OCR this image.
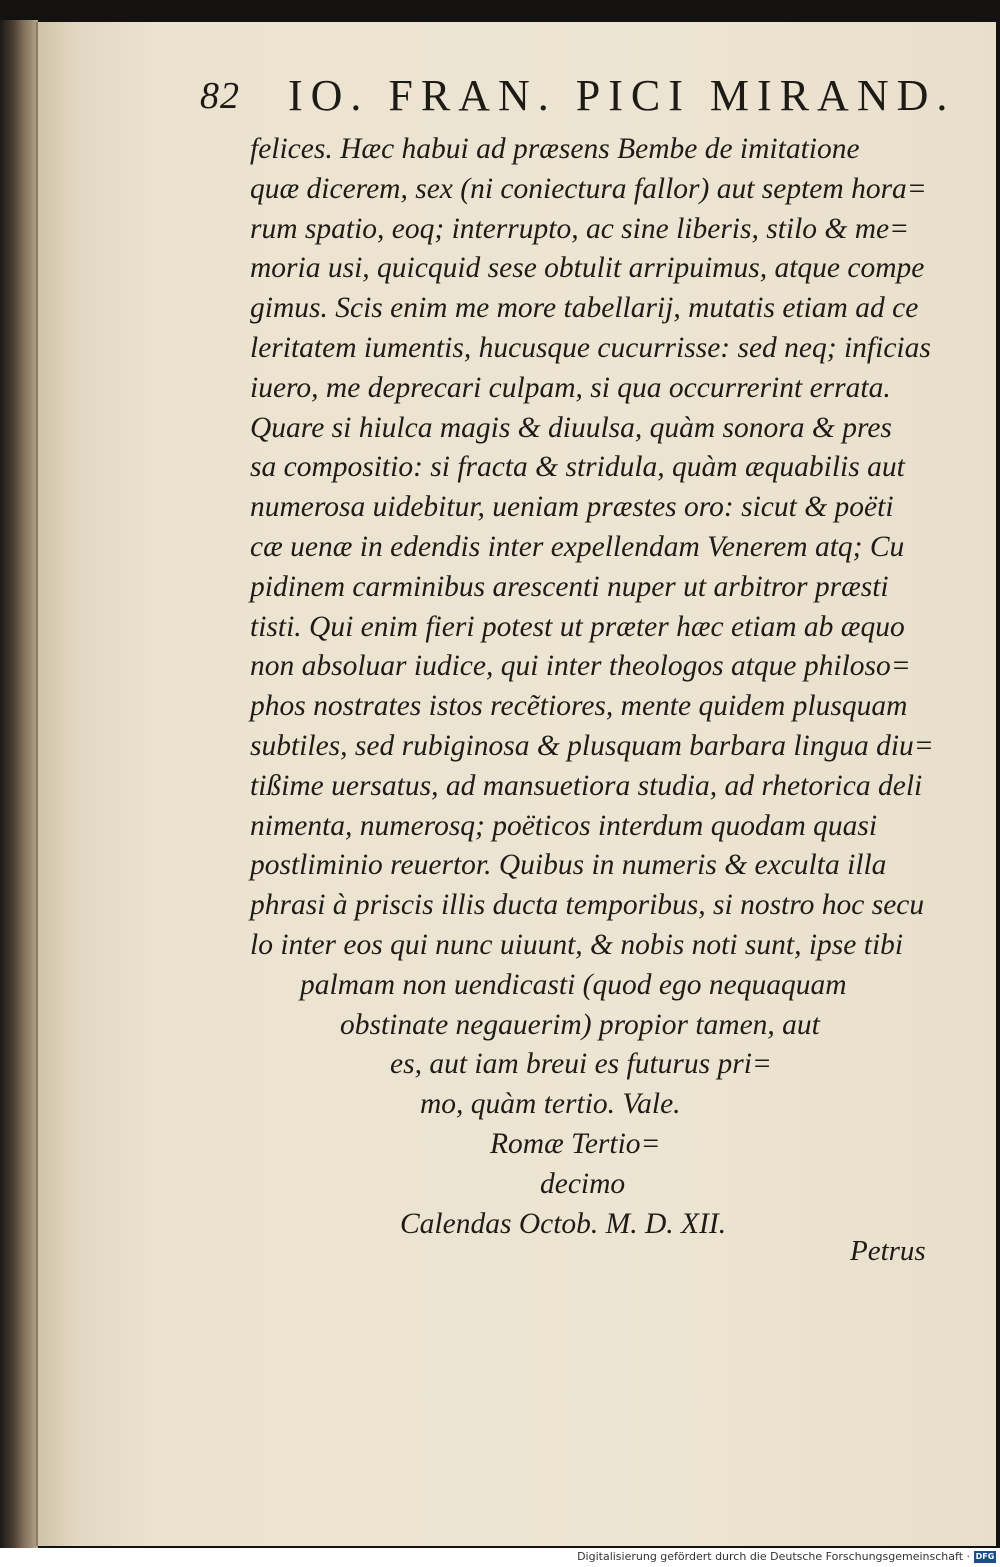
82 IO. FRAN. PICI MIRAND.
felices. Hæc habui ad præsens Bembe de imitatione
quæ dicerem, sex (ni coniectura fallor) aut septem hora=
rum spatio, eoq; interrupto, ac sine liberis, stilo & me=
moria usi, quicquid sese obtulit arripuimus, atque compe
gimus. Scis enim me more tabellarij, mutatis etiam ad ce
leritatem iumentis, hucusque cucurrisse: sed neq; inficias
iuero, me deprecari culpam, si qua occurrerint errata.
Quare si hiulca magis & diuulsa, quàm sonora & pres
sa compositio: si fracta & stridula, quàm æquabilis aut
numerosa uidebitur, ueniam præstes oro: sicut & poëti
cæ uenæ in edendis inter expellendam Venerem atq; Cu
pidinem carminibus arescenti nuper ut arbitror præsti
tisti. Qui enim fieri potest ut præter hæc etiam ab æquo
non absoluar iudice, qui inter theologos atque philoso=
phos nostrates istos recẽtiores, mente quidem plusquam
subtiles, sed rubiginosa & plusquam barbara lingua diu=
tißime uersatus, ad mansuetiora studia, ad rhetorica deli
nimenta, numerosq; poëticos interdum quodam quasi
postliminio reuertor. Quibus in numeris & exculta illa
phrasi à priscis illis ducta temporibus, si nostro hoc secu
lo inter eos qui nunc uiuunt, & nobis noti sunt, ipse tibi
palmam non uendicasti (quod ego nequaquam
obstinate negauerim) propior tamen, aut
es, aut iam breui es futurus pri=
mo, quàm tertio. Vale.
Romæ Tertio=
decimo
Calendas Octob. M. D. XII.
Petrus
Digitalisierung gefördert durch die Deutsche Forschungsgemeinschaft · DFG
